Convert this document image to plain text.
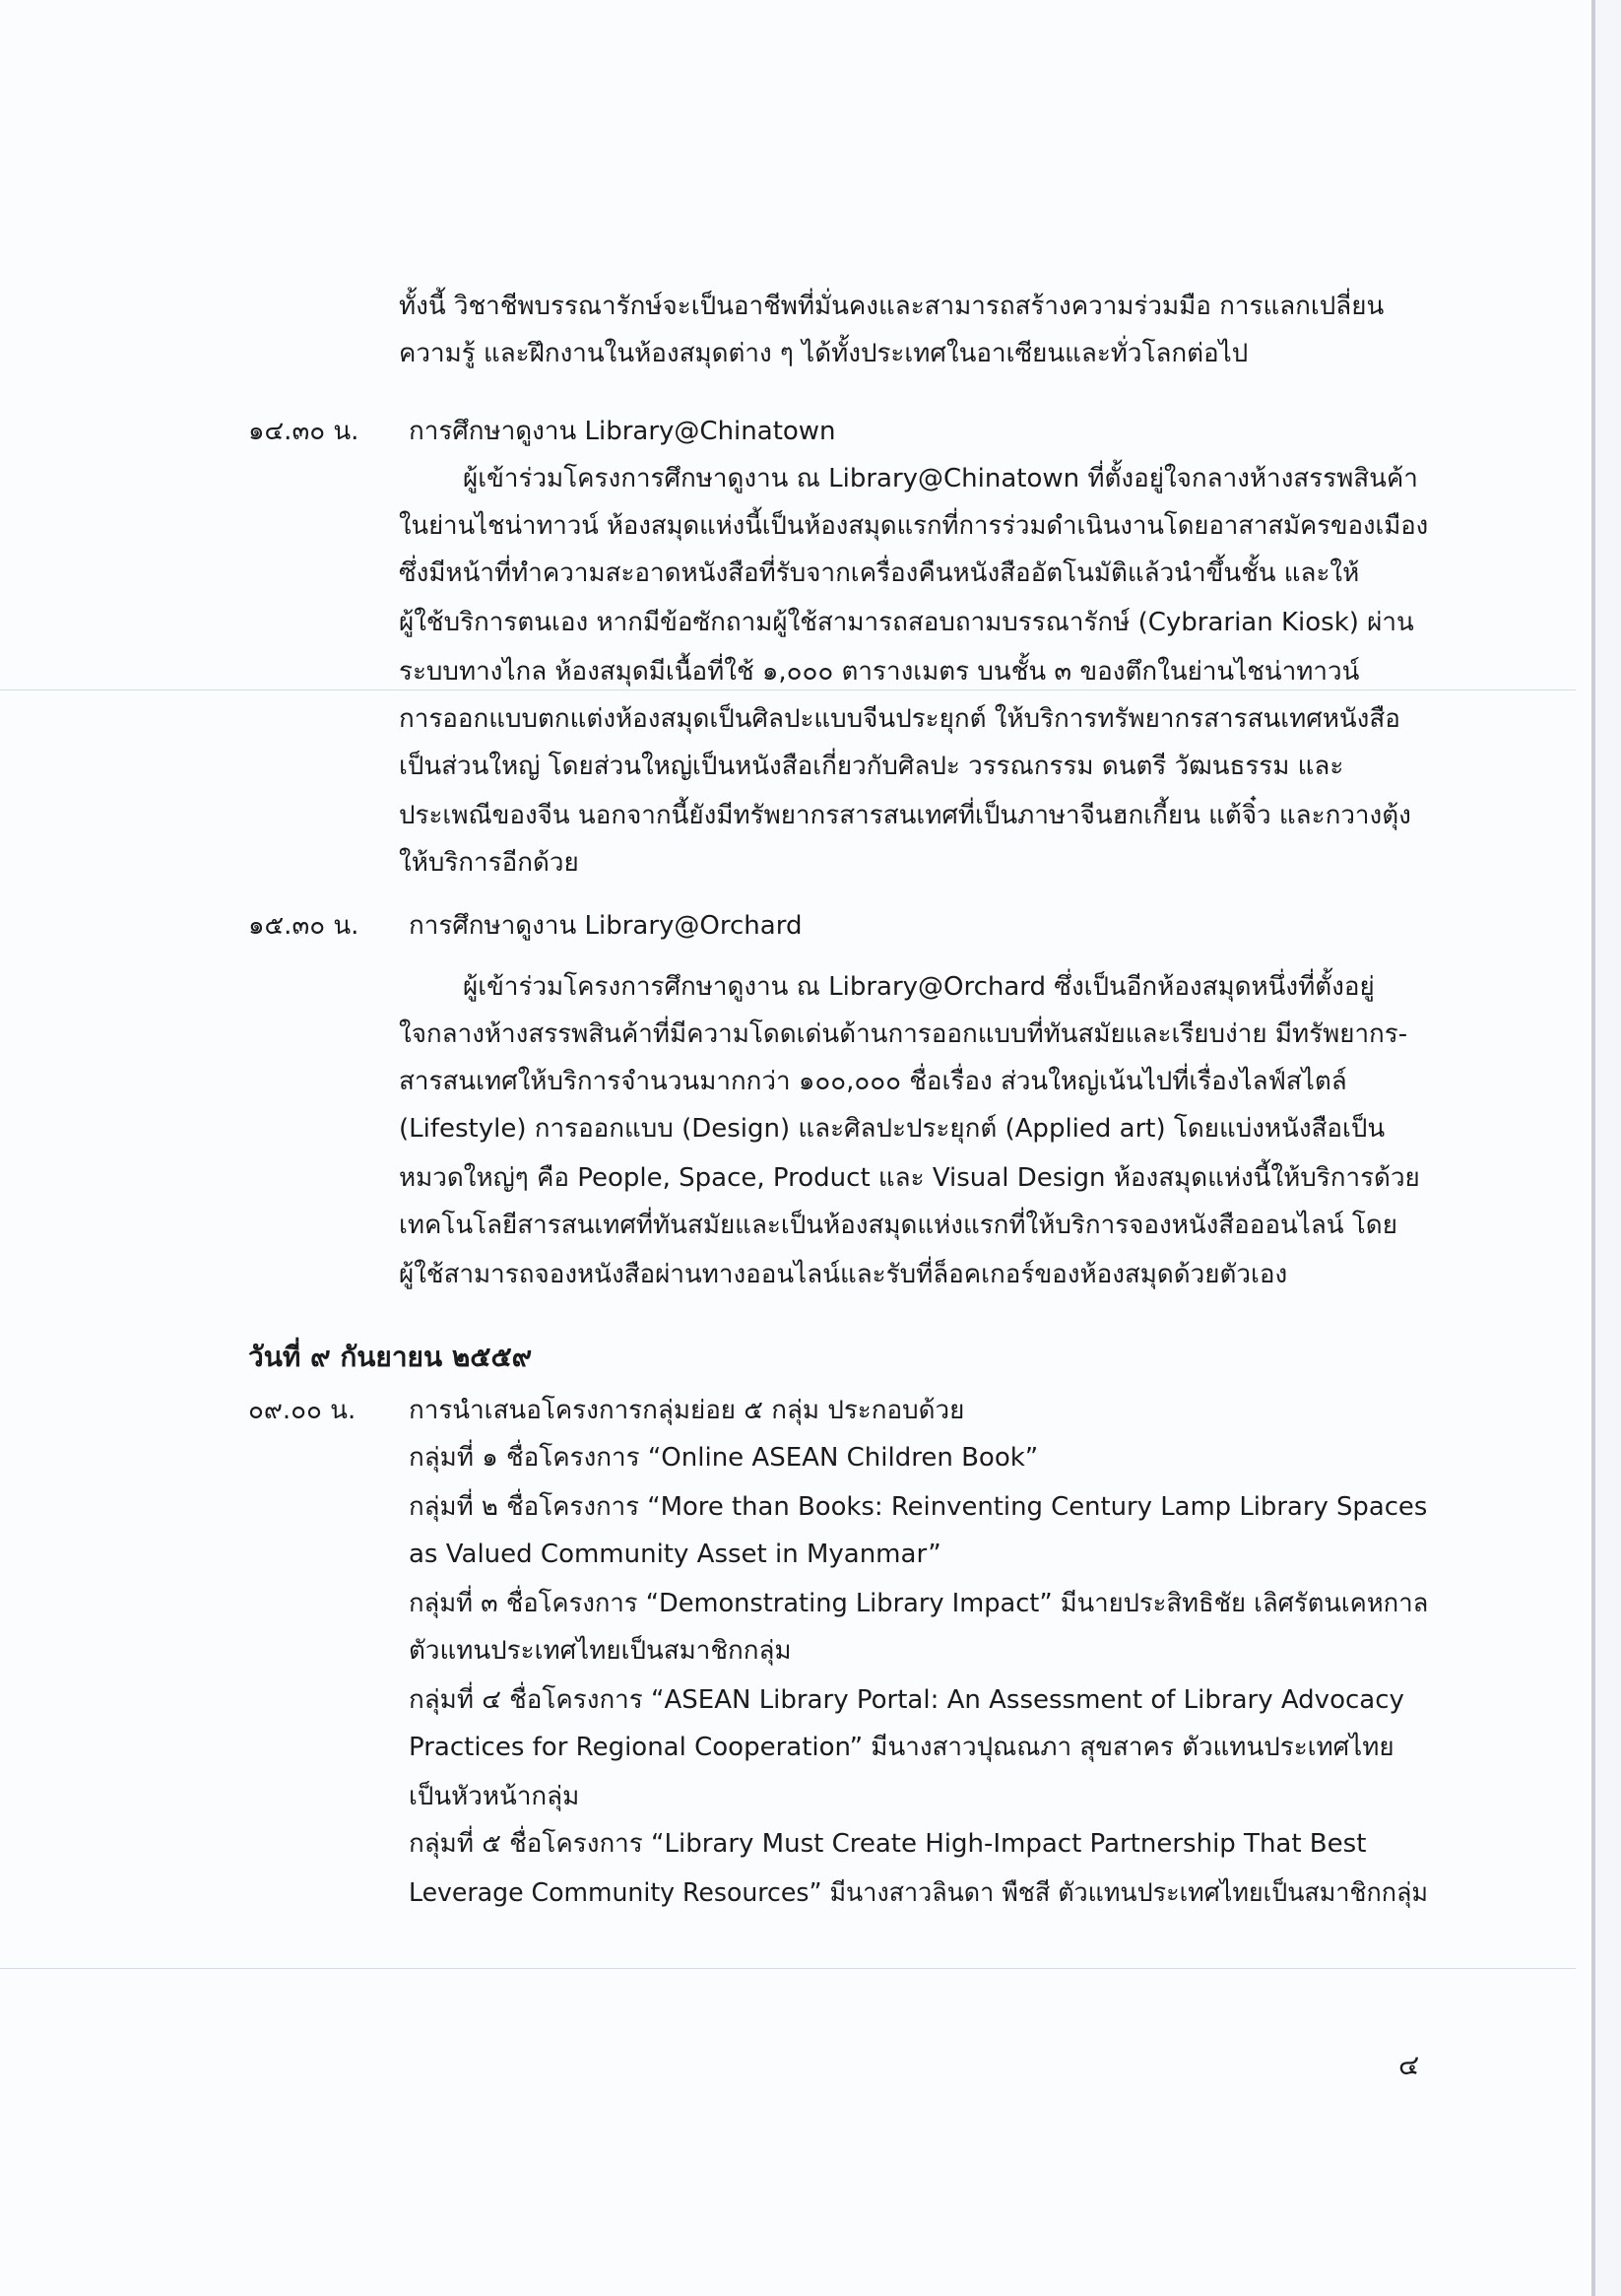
ทั้งนี้ วิชาชีพบรรณารักษ์จะเป็นอาชีพที่มั่นคงและสามารถสร้างความร่วมมือ การแลกเปลี่ยน
ความรู้ และฝึกงานในห้องสมุดต่าง ๆ ได้ทั้งประเทศในอาเซียนและทั่วโลกต่อไป
๑๔.๓๐ น. การศึกษาดูงาน Library@Chinatown
ผู้เข้าร่วมโครงการศึกษาดูงาน ณ Library@Chinatown ที่ตั้งอยู่ใจกลางห้างสรรพสินค้า
ในย่านไชน่าทาวน์ ห้องสมุดแห่งนี้เป็นห้องสมุดแรกที่การร่วมดำเนินงานโดยอาสาสมัครของเมือง
ซึ่งมีหน้าที่ทำความสะอาดหนังสือที่รับจากเครื่องคืนหนังสืออัตโนมัติแล้วนำขึ้นชั้น และให้
ผู้ใช้บริการตนเอง หากมีข้อซักถามผู้ใช้สามารถสอบถามบรรณารักษ์ (Cybrarian Kiosk) ผ่าน
ระบบทางไกล ห้องสมุดมีเนื้อที่ใช้ ๑,๐๐๐ ตารางเมตร บนชั้น ๓ ของตึกในย่านไชน่าทาวน์
การออกแบบตกแต่งห้องสมุดเป็นศิลปะแบบจีนประยุกต์ ให้บริการทรัพยากรสารสนเทศหนังสือ
เป็นส่วนใหญ่ โดยส่วนใหญ่เป็นหนังสือเกี่ยวกับศิลปะ วรรณกรรม ดนตรี วัฒนธรรม และ
ประเพณีของจีน นอกจากนี้ยังมีทรัพยากรสารสนเทศที่เป็นภาษาจีนฮกเกี้ยน แต้จิ๋ว และกวางตุ้ง
ให้บริการอีกด้วย
๑๕.๓๐ น. การศึกษาดูงาน Library@Orchard
ผู้เข้าร่วมโครงการศึกษาดูงาน ณ Library@Orchard ซึ่งเป็นอีกห้องสมุดหนึ่งที่ตั้งอยู่
ใจกลางห้างสรรพสินค้าที่มีความโดดเด่นด้านการออกแบบที่ทันสมัยและเรียบง่าย มีทรัพยากร-
สารสนเทศให้บริการจำนวนมากกว่า ๑๐๐,๐๐๐ ชื่อเรื่อง ส่วนใหญ่เน้นไปที่เรื่องไลฟ์สไตล์
(Lifestyle) การออกแบบ (Design) และศิลปะประยุกต์ (Applied art) โดยแบ่งหนังสือเป็น
หมวดใหญ่ๆ คือ People, Space, Product และ Visual Design ห้องสมุดแห่งนี้ให้บริการด้วย
เทคโนโลยีสารสนเทศที่ทันสมัยและเป็นห้องสมุดแห่งแรกที่ให้บริการจองหนังสือออนไลน์ โดย
ผู้ใช้สามารถจองหนังสือผ่านทางออนไลน์และรับที่ล็อคเกอร์ของห้องสมุดด้วยตัวเอง
วันที่ ๙ กันยายน ๒๕๕๙
๐๙.๐๐ น. การนำเสนอโครงการกลุ่มย่อย ๕ กลุ่ม ประกอบด้วย
กลุ่มที่ ๑ ชื่อโครงการ “Online ASEAN Children Book”
กลุ่มที่ ๒ ชื่อโครงการ “More than Books: Reinventing Century Lamp Library Spaces
as Valued Community Asset in Myanmar”
กลุ่มที่ ๓ ชื่อโครงการ “Demonstrating Library Impact” มีนายประสิทธิชัย เลิศรัตนเคหกาล
ตัวแทนประเทศไทยเป็นสมาชิกกลุ่ม
กลุ่มที่ ๔ ชื่อโครงการ “ASEAN Library Portal: An Assessment of Library Advocacy
Practices for Regional Cooperation” มีนางสาวปุณณภา สุขสาคร ตัวแทนประเทศไทย
เป็นหัวหน้ากลุ่ม
กลุ่มที่ ๕ ชื่อโครงการ “Library Must Create High-Impact Partnership That Best
Leverage Community Resources” มีนางสาวลินดา พืชสี ตัวแทนประเทศไทยเป็นสมาชิกกลุ่ม
๔
